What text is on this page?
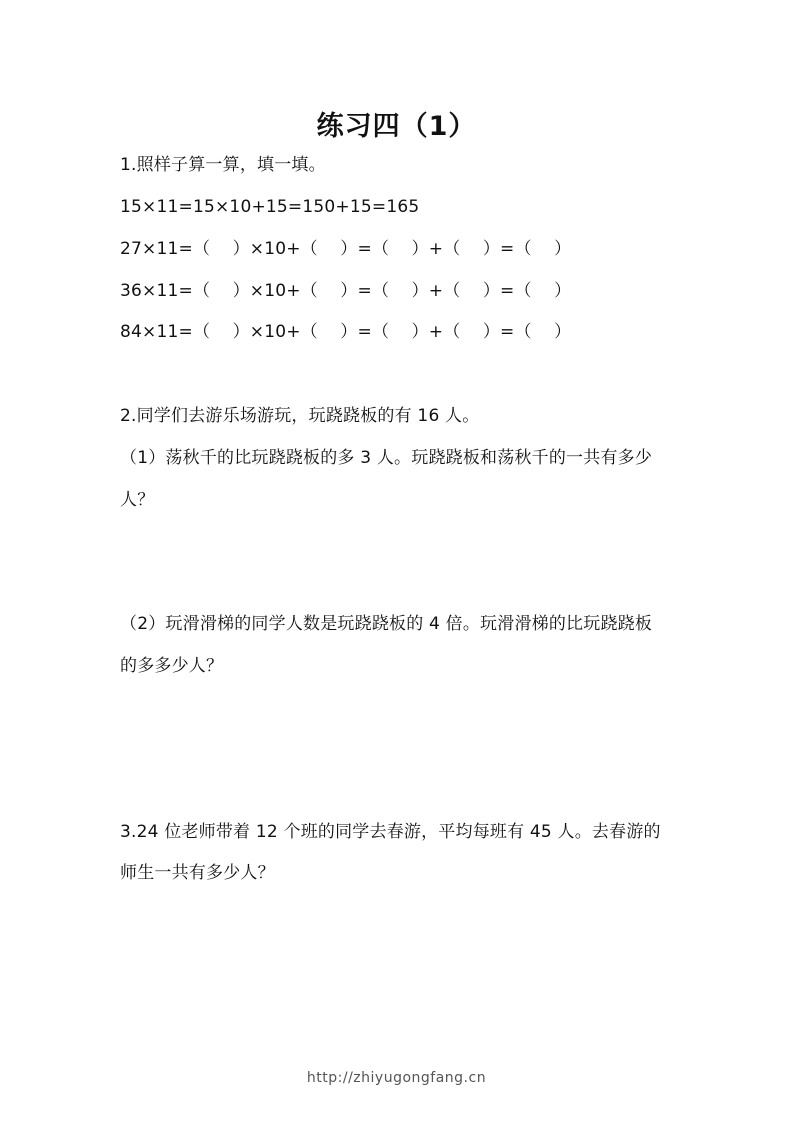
练习四（1）
1.照样子算一算，填一填。
15×11=15×10+15=150+15=165
27×11=（    ）×10+（    ）=（    ）+（    ）=（    ）
36×11=（    ）×10+（    ）=（    ）+（    ）=（    ）
84×11=（    ）×10+（    ）=（    ）+（    ）=（    ）
2.同学们去游乐场游玩，玩跷跷板的有 16 人。
（1）荡秋千的比玩跷跷板的多 3 人。玩跷跷板和荡秋千的一共有多少
人？
（2）玩滑滑梯的同学人数是玩跷跷板的 4 倍。玩滑滑梯的比玩跷跷板
的多多少人？
3.24 位老师带着 12 个班的同学去春游，平均每班有 45 人。去春游的
师生一共有多少人？
http://zhiyugongfang.cn
